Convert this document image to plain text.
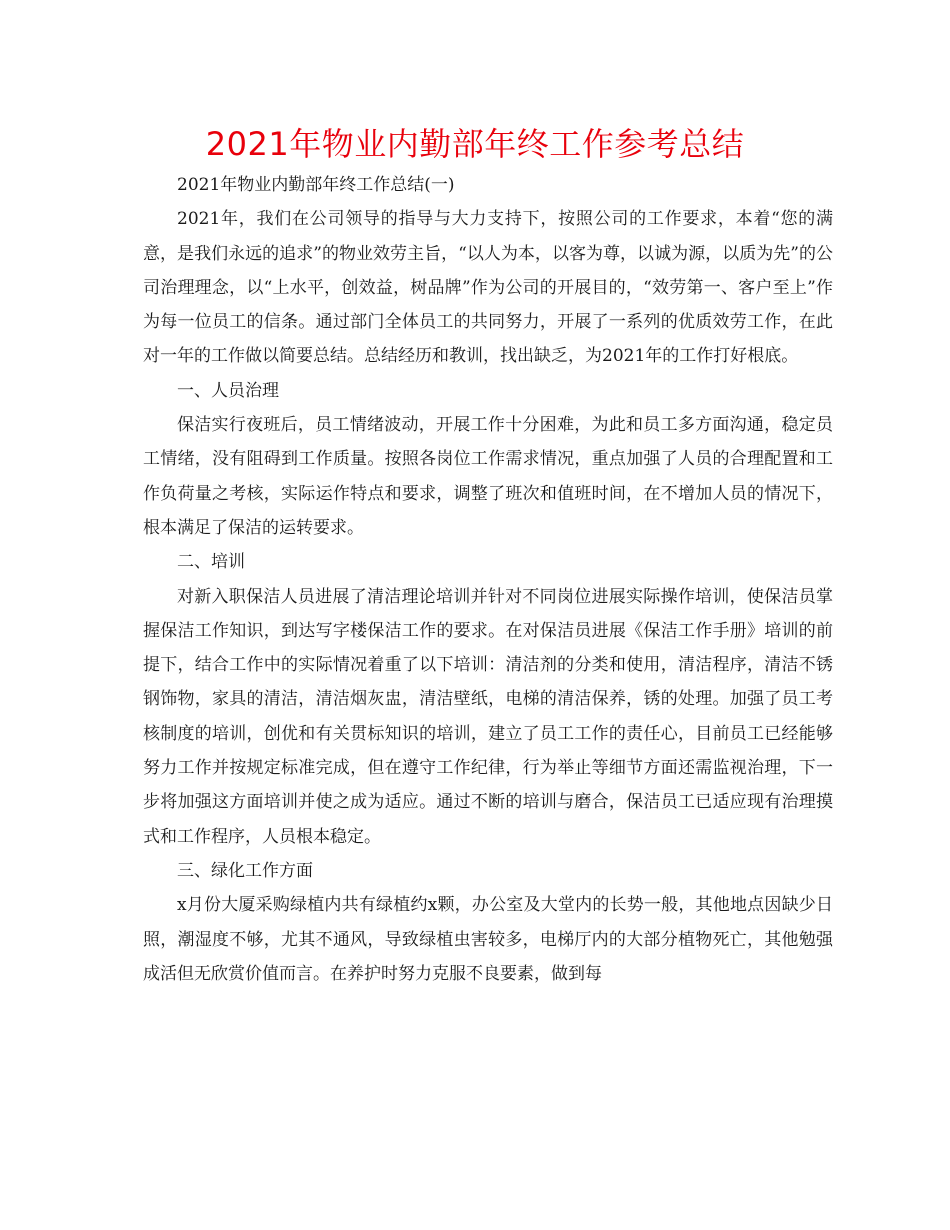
2021年物业内勤部年终工作参考总结

2021年物业内勤部年终工作总结(一)

2021年，我们在公司领导的指导与大力支持下，按照公司的工作要求，本着“您的满意，是我们永远的追求”的物业效劳主旨，“以人为本，以客为尊，以诚为源，以质为先”的公司治理理念，以“上水平，创效益，树品牌”作为公司的开展目的，“效劳第一、客户至上”作为每一位员工的信条。通过部门全体员工的共同努力，开展了一系列的优质效劳工作，在此对一年的工作做以简要总结。总结经历和教训，找出缺乏，为2021年的工作打好根底。

一、人员治理

保洁实行夜班后，员工情绪波动，开展工作十分困难，为此和员工多方面沟通，稳定员工情绪，没有阻碍到工作质量。按照各岗位工作需求情况，重点加强了人员的合理配置和工作负荷量之考核，实际运作特点和要求，调整了班次和值班时间，在不增加人员的情况下，根本满足了保洁的运转要求。

二、培训

对新入职保洁人员进展了清洁理论培训并针对不同岗位进展实际操作培训，使保洁员掌握保洁工作知识，到达写字楼保洁工作的要求。在对保洁员进展《保洁工作手册》培训的前提下，结合工作中的实际情况着重了以下培训：清洁剂的分类和使用，清洁程序，清洁不锈钢饰物，家具的清洁，清洁烟灰盅，清洁壁纸，电梯的清洁保养，锈的处理。加强了员工考核制度的培训，创优和有关贯标知识的培训，建立了员工工作的责任心，目前员工已经能够努力工作并按规定标准完成，但在遵守工作纪律，行为举止等细节方面还需监视治理，下一步将加强这方面培训并使之成为适应。通过不断的培训与磨合，保洁员工已适应现有治理摸式和工作程序，人员根本稳定。

三、绿化工作方面

x月份大厦采购绿植内共有绿植约x颗，办公室及大堂内的长势一般，其他地点因缺少日照，潮湿度不够，尤其不通风，导致绿植虫害较多，电梯厅内的大部分植物死亡，其他勉强成活但无欣赏价值而言。在养护时努力克服不良要素，做到每
